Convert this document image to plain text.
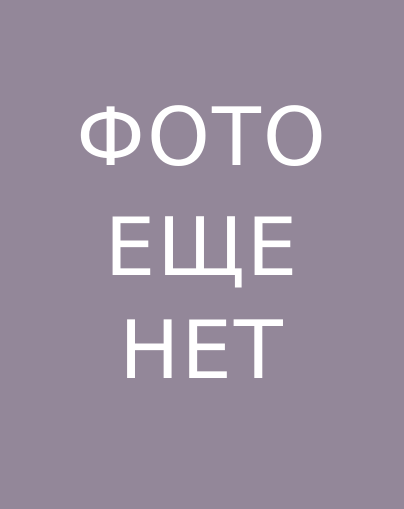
ФОТО
ЕЩЕ
НЕТ
